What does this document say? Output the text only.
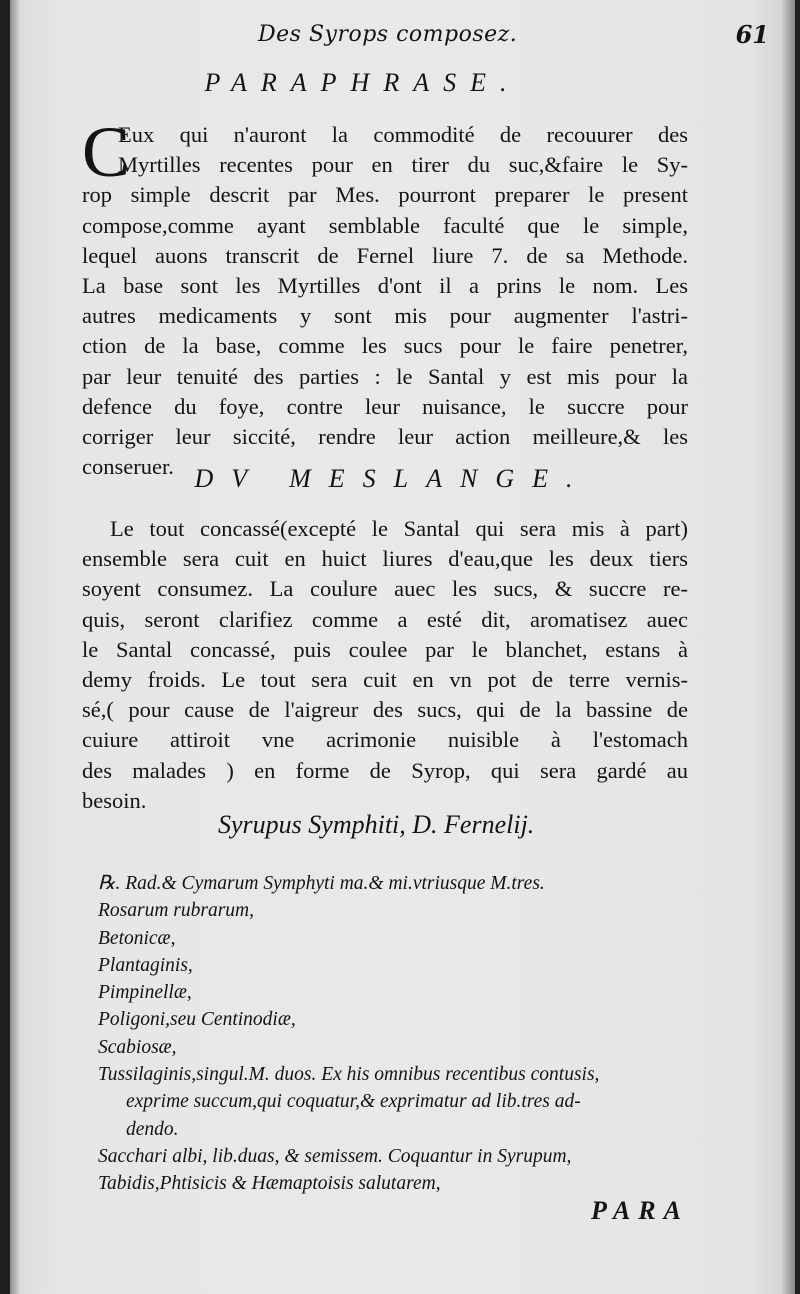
Des Syrops composez.	61
PARAPHRASE.
C
Eux qui n'auront la commodité de recouurer des
Myrtilles recentes pour en tirer du suc,&faire le Sy-
rop simple descrit par Mes. pourront preparer le present
compose,comme ayant semblable faculté que le simple,
lequel auons transcrit de Fernel liure 7. de sa Methode.
La base sont les Myrtilles d'ont il a prins le nom. Les
autres medicaments y sont mis pour augmenter l'astri-
ction de la base, comme les sucs pour le faire penetrer,
par leur tenuité des parties : le Santal y est mis pour la
defence du foye, contre leur nuisance, le succre pour
corriger leur siccité, rendre leur action meilleure,& les
conseruer. DV MESLANGE.
Le tout concassé(excepté le Santal qui sera mis à part)
ensemble sera cuit en huict liures d'eau,que les deux tiers
soyent consumez. La coulure auec les sucs, & succre re-
quis, seront clarifiez comme a esté dit, aromatisez auec
le Santal concassé, puis coulee par le blanchet, estans à
demy froids. Le tout sera cuit en vn pot de terre vernis-
sé,( pour cause de l'aigreur des sucs, qui de la bassine de
cuiure attiroit vne acrimonie nuisible à l'estomach
des malades ) en forme de Syrop, qui sera gardé au
besoin.
Syrupus Symphiti, D. Fernelij.
℞. Rad.& Cymarum Symphyti ma.& mi.vtriusque M.tres.
Rosarum rubrarum,
Betonicæ,
Plantaginis,
Pimpinellæ,
Poligoni,seu Centinodiæ,
Scabiosæ,
Tussilaginis,singul.M. duos. Ex his omnibus recentibus contusis,
exprime succum,qui coquatur,& exprimatur ad lib.tres ad-
dendo.
Sacchari albi, lib.duas, & semissem. Coquantur in Syrupum,
Tabidis,Phtisicis & Hæmaptoisis salutarem,
PARA
